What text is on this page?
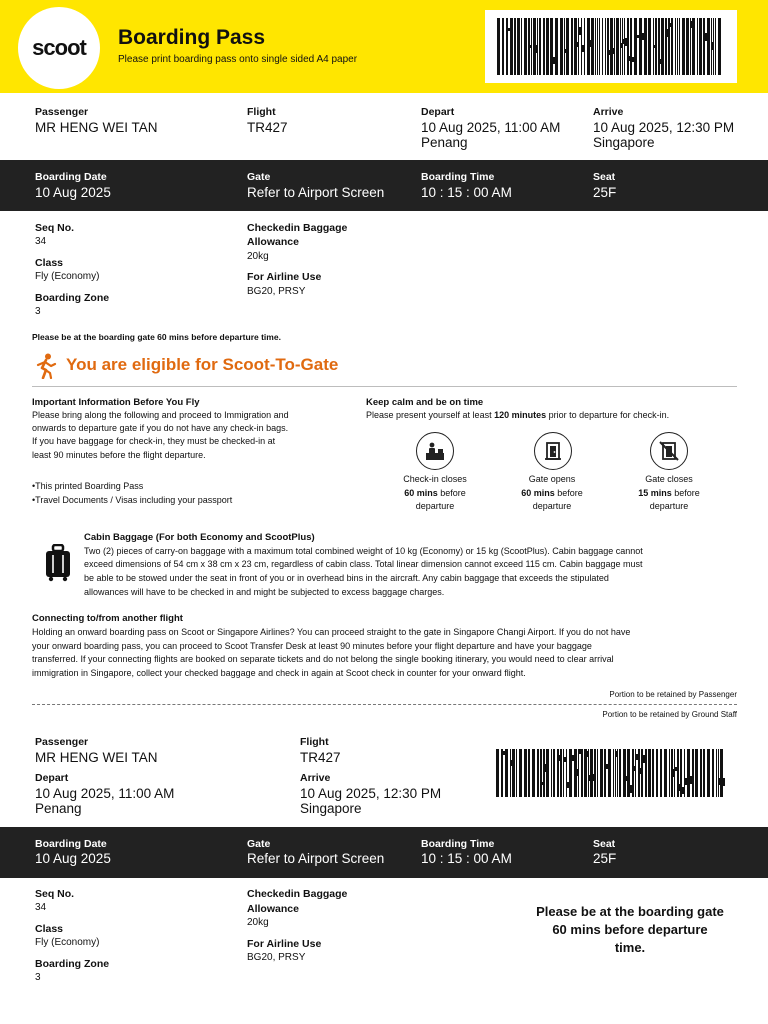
scoot	Boarding Pass
Please print boarding pass onto single sided A4 paper
Passenger
MR HENG WEI TAN
Flight
TR427
Depart
10 Aug 2025, 11:00 AM
Penang
Arrive
10 Aug 2025, 12:30 PM
Singapore
Boarding Date
10 Aug 2025
Gate
Refer to Airport Screen
Boarding Time
10 : 15 : 00 AM
Seat
25F
Seq No.
34
Class
Fly (Economy)
Boarding Zone
3
Checkedin Baggage
Allowance
20kg
For Airline Use
BG20, PRSY
Please be at the boarding gate 60 mins before departure time.
You are eligible for Scoot-To-Gate
Important Information Before You Fly
Please bring along the following and proceed to Immigration and
onwards to departure gate if you do not have any check-in bags.
If you have baggage for check-in, they must be checked-in at
least 90 minutes before the flight departure.
•This printed Boarding Pass
•Travel Documents / Visas including your passport
Keep calm and be on time
Please present yourself at least 120 minutes prior to departure for check-in.
Check-in closes
60 mins before
departure
Gate opens
60 mins before
departure
Gate closes
15 mins before
departure
Cabin Baggage (For both Economy and ScootPlus)
Two (2) pieces of carry-on baggage with a maximum total combined weight of 10 kg (Economy) or 15 kg (ScootPlus). Cabin baggage cannot
exceed dimensions of 54 cm x 38 cm x 23 cm, regardless of cabin class. Total linear dimension cannot exceed 115 cm. Cabin baggage must
be able to be stowed under the seat in front of you or in overhead bins in the aircraft. Any cabin baggage that exceeds the stipulated
allowances will have to be checked in and might be subjected to excess baggage charges.
Connecting to/from another flight
Holding an onward boarding pass on Scoot or Singapore Airlines? You can proceed straight to the gate in Singapore Changi Airport. If you do not have
your onward boarding pass, you can proceed to Scoot Transfer Desk at least 90 minutes before your flight departure and have your baggage
transferred. If your connecting flights are booked on separate tickets and do not belong the single booking itinerary, you would need to clear arrival
immigration in Singapore, collect your checked baggage and check in again at Scoot check in counter for your onward flight.
Portion to be retained by Passenger
Portion to be retained by Ground Staff
Passenger
MR HENG WEI TAN
Depart
10 Aug 2025, 11:00 AM
Penang
Flight
TR427
Arrive
10 Aug 2025, 12:30 PM
Singapore
Boarding Date
10 Aug 2025
Gate
Refer to Airport Screen
Boarding Time
10 : 15 : 00 AM
Seat
25F
Seq No.
34
Class
Fly (Economy)
Boarding Zone
3
Checkedin Baggage
Allowance
20kg
For Airline Use
BG20, PRSY
Please be at the boarding gate
60 mins before departure
time.
